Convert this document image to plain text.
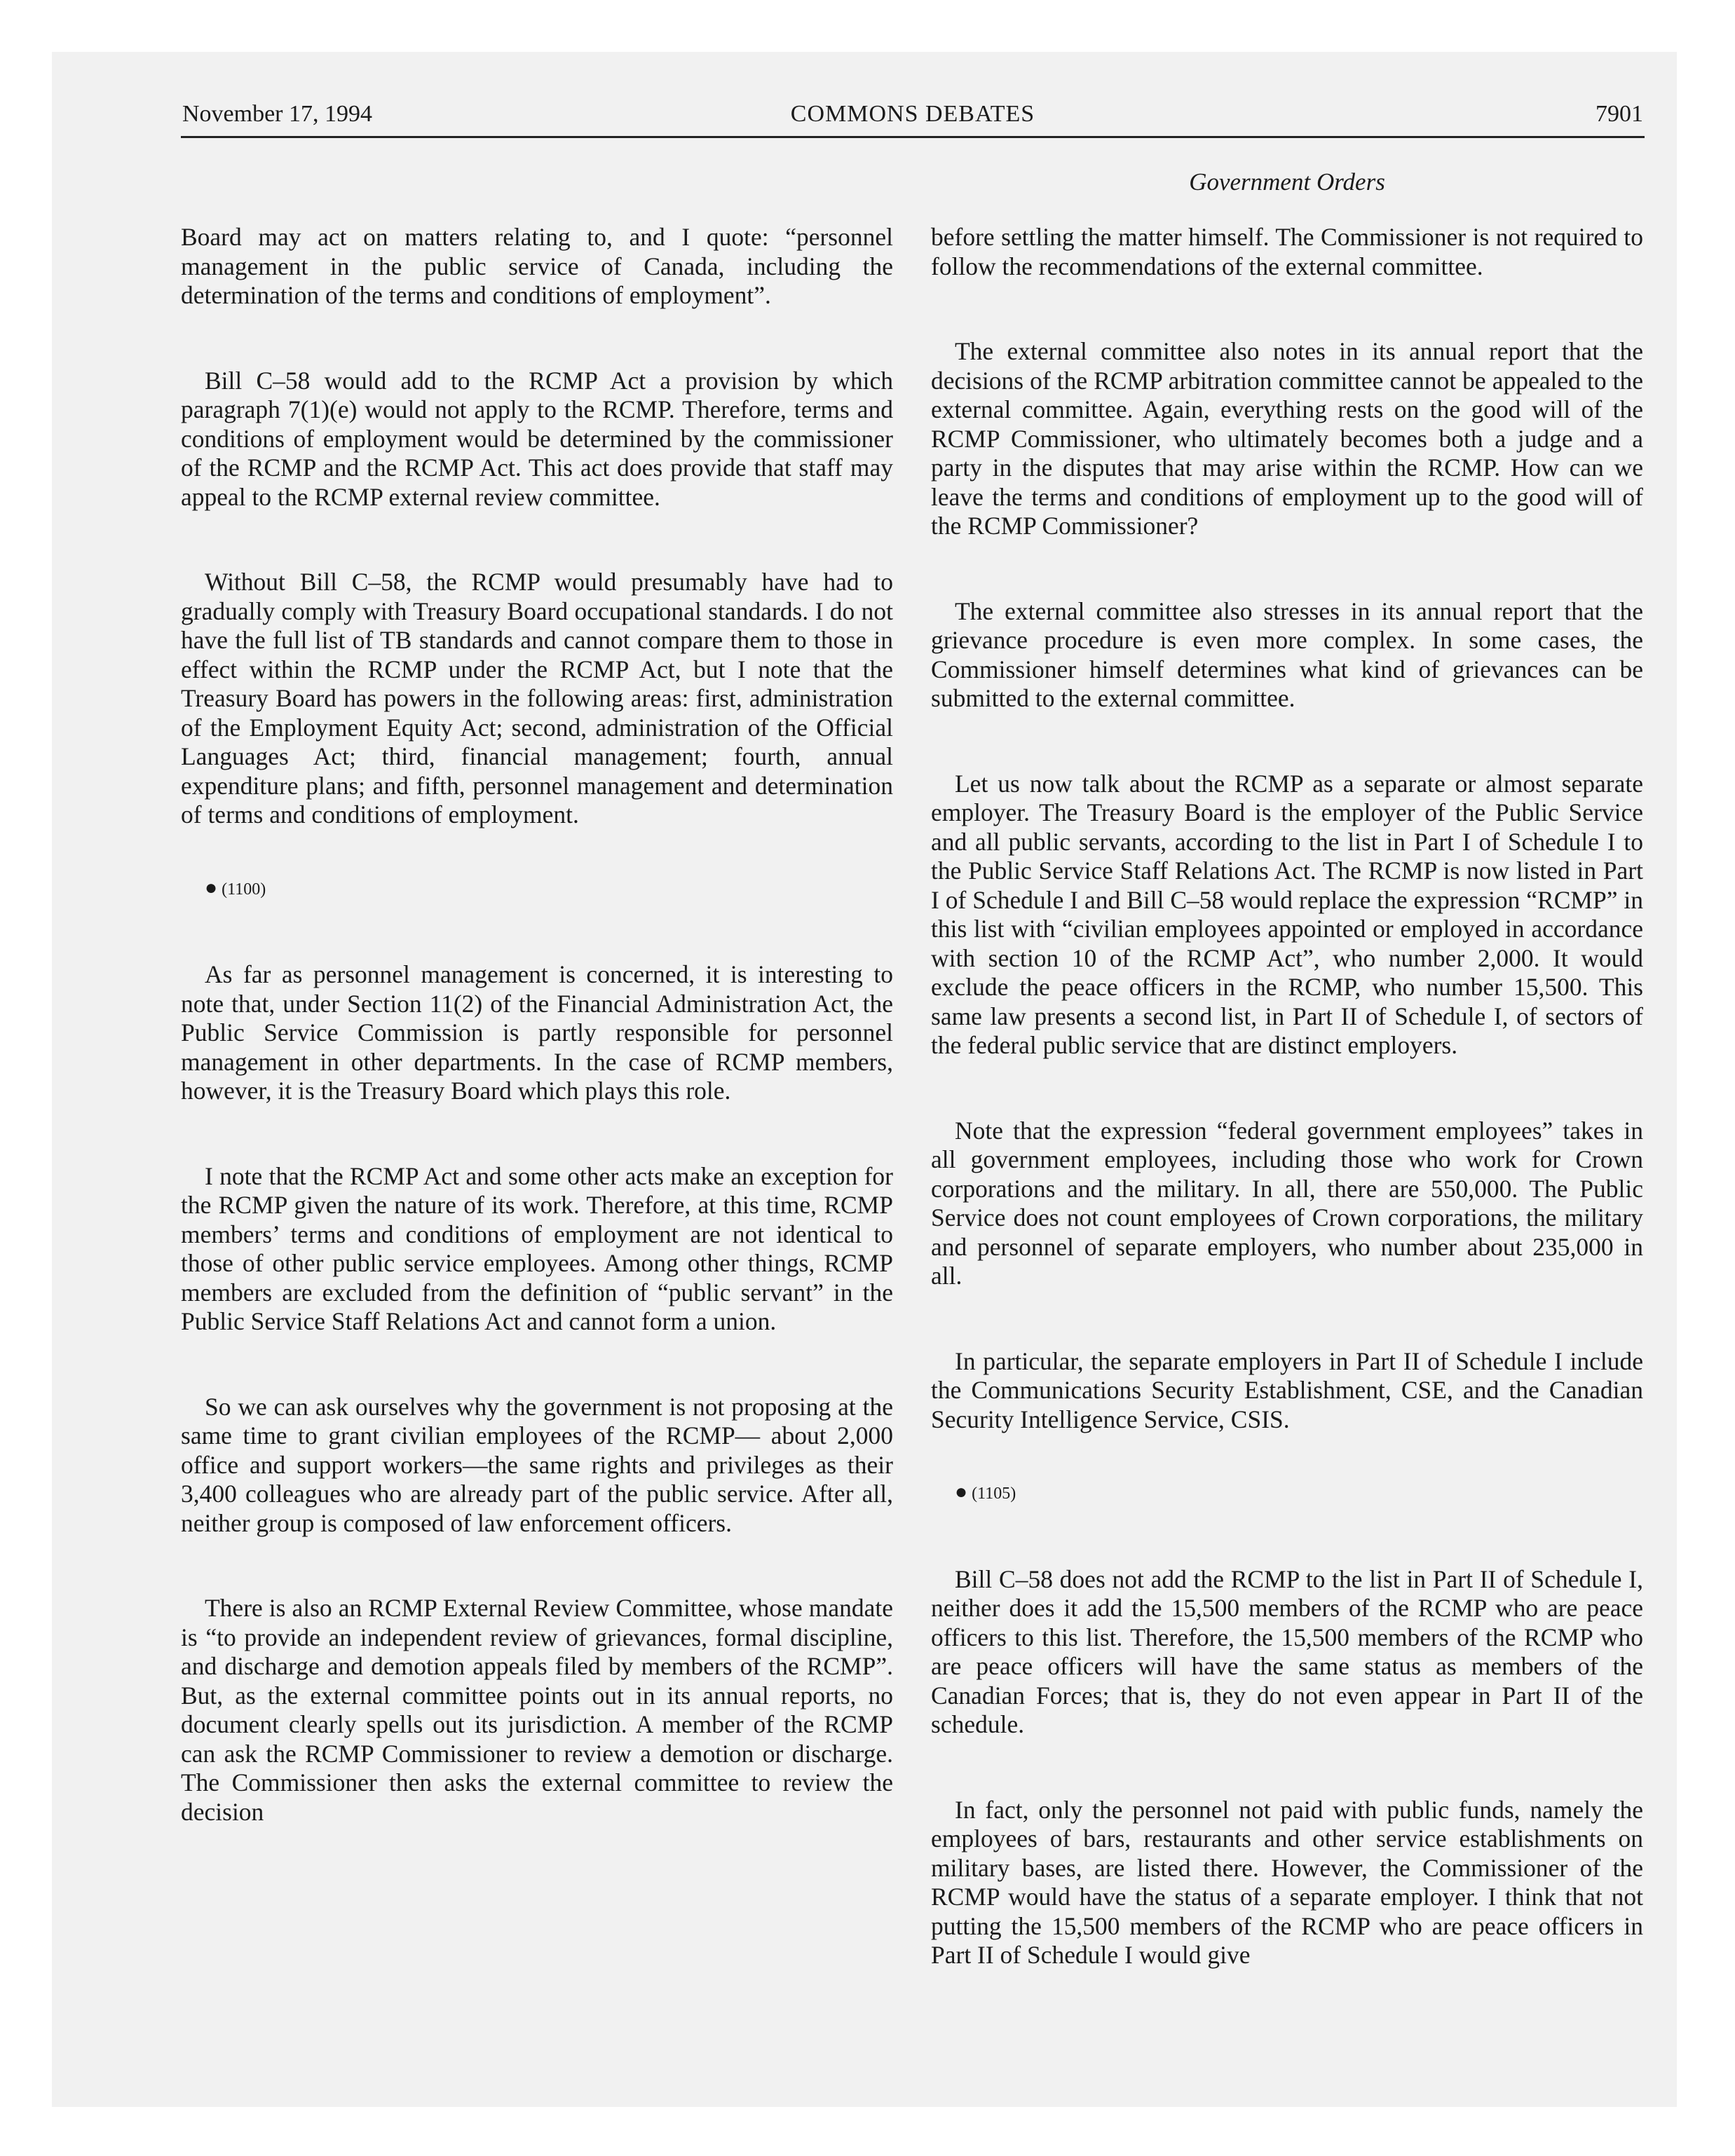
November 17, 1994	COMMONS DEBATES	7901
Government Orders

Board may act on matters relating to, and I quote: “personnel management in the public service of Canada, including the determination of the terms and conditions of employment”.

Bill C–58 would add to the RCMP Act a provision by which paragraph 7(1)(e) would not apply to the RCMP. Therefore, terms and conditions of employment would be determined by the commissioner of the RCMP and the RCMP Act. This act does provide that staff may appeal to the RCMP external review committee.

Without Bill C–58, the RCMP would presumably have had to gradually comply with Treasury Board occupational standards. I do not have the full list of TB standards and cannot compare them to those in effect within the RCMP under the RCMP Act, but I note that the Treasury Board has powers in the following areas: first, administration of the Employment Equity Act; second, administration of the Official Languages Act; third, financial management; fourth, annual expenditure plans; and fifth, personnel management and determination of terms and conditions of employment.

● (1100)

As far as personnel management is concerned, it is interesting to note that, under Section 11(2) of the Financial Administration Act, the Public Service Commission is partly responsible for personnel management in other departments. In the case of RCMP members, however, it is the Treasury Board which plays this role.

I note that the RCMP Act and some other acts make an exception for the RCMP given the nature of its work. Therefore, at this time, RCMP members’ terms and conditions of employment are not identical to those of other public service employees. Among other things, RCMP members are excluded from the definition of “public servant” in the Public Service Staff Relations Act and cannot form a union.

So we can ask ourselves why the government is not proposing at the same time to grant civilian employees of the RCMP— about 2,000 office and support workers—the same rights and privileges as their 3,400 colleagues who are already part of the public service. After all, neither group is composed of law enforcement officers.

There is also an RCMP External Review Committee, whose mandate is “to provide an independent review of grievances, formal discipline, and discharge and demotion appeals filed by members of the RCMP”. But, as the external committee points out in its annual reports, no document clearly spells out its jurisdiction. A member of the RCMP can ask the RCMP Commissioner to review a demotion or discharge. The Commissioner then asks the external committee to review the decision

before settling the matter himself. The Commissioner is not required to follow the recommendations of the external committee.

The external committee also notes in its annual report that the decisions of the RCMP arbitration committee cannot be appealed to the external committee. Again, everything rests on the good will of the RCMP Commissioner, who ultimately becomes both a judge and a party in the disputes that may arise within the RCMP. How can we leave the terms and conditions of employment up to the good will of the RCMP Commissioner?

The external committee also stresses in its annual report that the grievance procedure is even more complex. In some cases, the Commissioner himself determines what kind of grievances can be submitted to the external committee.

Let us now talk about the RCMP as a separate or almost separate employer. The Treasury Board is the employer of the Public Service and all public servants, according to the list in Part I of Schedule I to the Public Service Staff Relations Act. The RCMP is now listed in Part I of Schedule I and Bill C–58 would replace the expression “RCMP” in this list with “civilian employees appointed or employed in accordance with section 10 of the RCMP Act”, who number 2,000. It would exclude the peace officers in the RCMP, who number 15,500. This same law presents a second list, in Part II of Schedule I, of sectors of the federal public service that are distinct employers.

Note that the expression “federal government employees” takes in all government employees, including those who work for Crown corporations and the military. In all, there are 550,000. The Public Service does not count employees of Crown corporations, the military and personnel of separate employers, who number about 235,000 in all.

In particular, the separate employers in Part II of Schedule I include the Communications Security Establishment, CSE, and the Canadian Security Intelligence Service, CSIS.

● (1105)

Bill C–58 does not add the RCMP to the list in Part II of Schedule I, neither does it add the 15,500 members of the RCMP who are peace officers to this list. Therefore, the 15,500 members of the RCMP who are peace officers will have the same status as members of the Canadian Forces; that is, they do not even appear in Part II of the schedule.

In fact, only the personnel not paid with public funds, namely the employees of bars, restaurants and other service establishments on military bases, are listed there. However, the Commissioner of the RCMP would have the status of a separate employer. I think that not putting the 15,500 members of the RCMP who are peace officers in Part II of Schedule I would give
